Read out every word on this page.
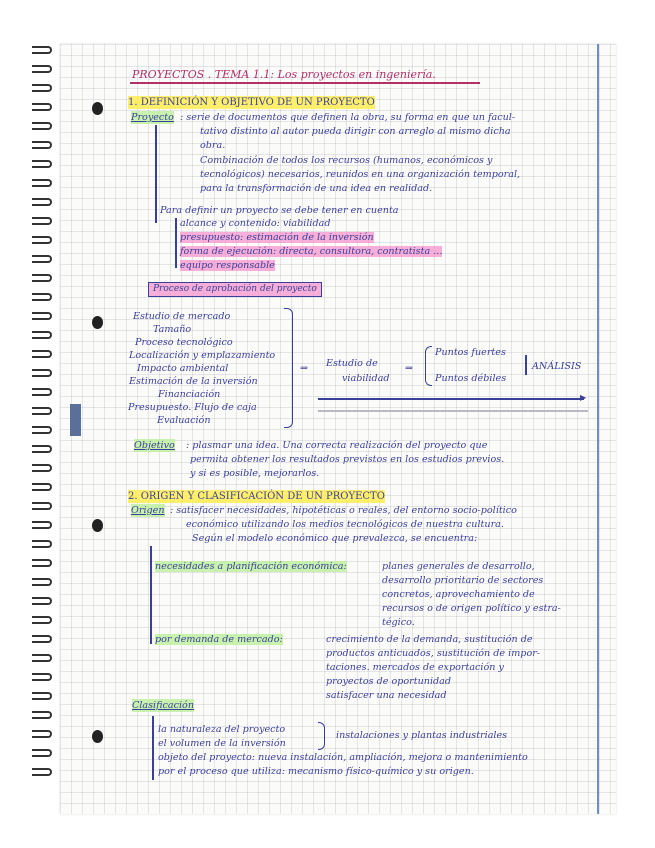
PROYECTOS . TEMA 1.1: Los proyectos en ingeniería.

1. DEFINICIÓN Y OBJETIVO DE UN PROYECTO

Proyecto : serie de documentos que definen la obra, su forma en que un facul-

tativo distinto al autor pueda dirigir con arreglo al mismo dicha

obra.

Combinación de todos los recursos (humanos, económicos y

tecnológicos) necesarios, reunidos en una organización temporal,

para la transformación de una idea en realidad.

Para definir un proyecto se debe tener en cuenta

alcance y contenido: viabilidad

presupuesto: estimación de la inversión

forma de ejecución: directa, consultora, contratista ...

equipo responsable

Proceso de aprobación del proyecto

Estudio de mercado

Tamaño

Proceso tecnológico

Localización y emplazamiento

Impacto ambiental

Estimación de la inversión

Financiación

Presupuesto. Flujo de caja

Evaluación

⇒ Estudio de

viabilidad

⇒

Puntos fuertes

Puntos débiles

ANÁLISIS

▶

Objetivo : plasmar una idea. Una correcta realización del proyecto que

permita obtener los resultados previstos en los estudios previos.

y si es posible, mejorarlos.

2. ORIGEN Y CLASIFICACIÓN DE UN PROYECTO

Origen : satisfacer necesidades, hipotéticas o reales, del entorno socio-político

económico utilizando los medios tecnológicos de nuestra cultura.

Según el modelo económico que prevalezca, se encuentra:

necesidades a planificación económica:	planes generales de desarrollo,

desarrollo prioritario de sectores

concretos, aprovechamiento de

recursos o de origen político y estra-

tégico.

por demanda de mercado:	crecimiento de la demanda, sustitución de

productos anticuados, sustitución de impor-

taciones. mercados de exportación y

proyectos de oportunidad

satisfacer una necesidad

Clasificación

la naturaleza del proyecto

el volumen de la inversión

instalaciones y plantas industriales

objeto del proyecto: nueva instalación, ampliación, mejora o mantenimiento

por el proceso que utiliza: mecanismo físico-químico y su origen.
